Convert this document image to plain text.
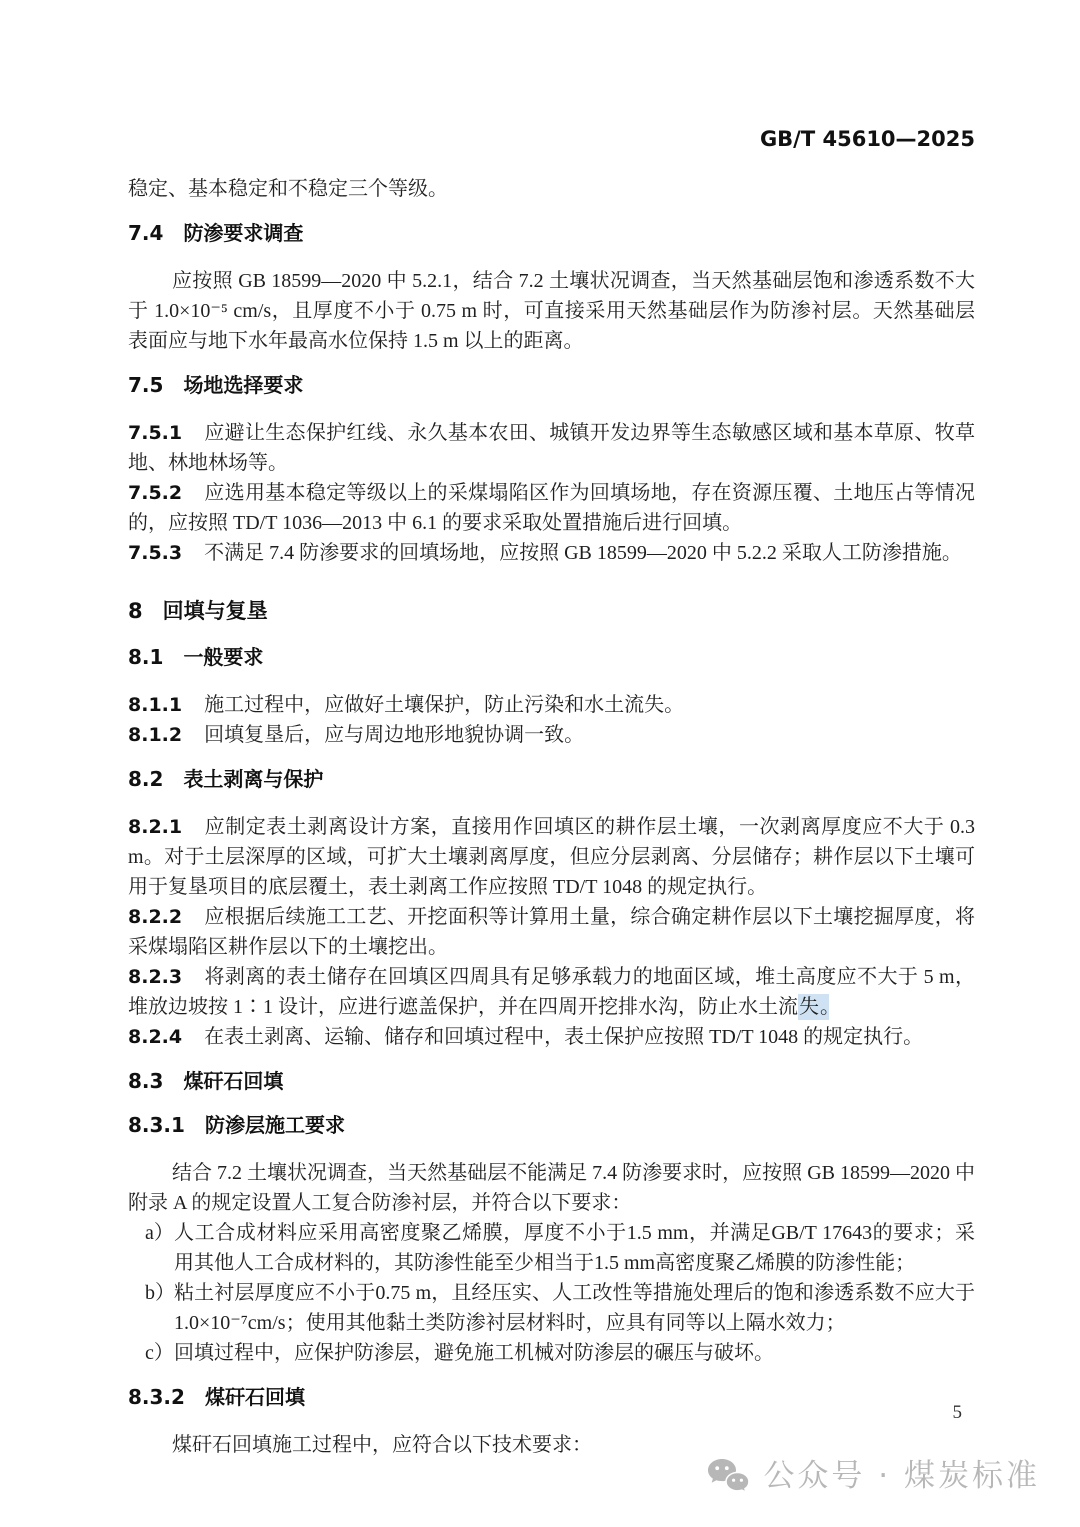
GB/T 45610—2025

稳定、基本稳定和不稳定三个等级。

7.4 防渗要求调查

应按照 GB 18599—2020 中 5.2.1，结合 7.2 土壤状况调查，当天然基础层饱和渗透系数不大于 1.0×10⁻⁵ cm/s，且厚度不小于 0.75 m 时，可直接采用天然基础层作为防渗衬层。天然基础层表面应与地下水年最高水位保持 1.5 m 以上的距离。

7.5 场地选择要求

7.5.1 应避让生态保护红线、永久基本农田、城镇开发边界等生态敏感区域和基本草原、牧草地、林地林场等。

7.5.2 应选用基本稳定等级以上的采煤塌陷区作为回填场地，存在资源压覆、土地压占等情况的，应按照 TD/T 1036—2013 中 6.1 的要求采取处置措施后进行回填。

7.5.3 不满足 7.4 防渗要求的回填场地，应按照 GB 18599—2020 中 5.2.2 采取人工防渗措施。

8 回填与复垦
8.1 一般要求

8.1.1 施工过程中，应做好土壤保护，防止污染和水土流失。

8.1.2 回填复垦后，应与周边地形地貌协调一致。

8.2 表土剥离与保护

8.2.1 应制定表土剥离设计方案，直接用作回填区的耕作层土壤，一次剥离厚度应不大于 0.3 m。对于土层深厚的区域，可扩大土壤剥离厚度，但应分层剥离、分层储存；耕作层以下土壤可用于复垦项目的底层覆土，表土剥离工作应按照 TD/T 1048 的规定执行。

8.2.2 应根据后续施工工艺、开挖面积等计算用土量，综合确定耕作层以下土壤挖掘厚度，将采煤塌陷区耕作层以下的土壤挖出。

8.2.3 将剥离的表土储存在回填区四周具有足够承载力的地面区域，堆土高度应不大于 5 m，堆放边坡按 1∶1 设计，应进行遮盖保护，并在四周开挖排水沟，防止水土流失。

8.2.4 在表土剥离、运输、储存和回填过程中，表土保护应按照 TD/T 1048 的规定执行。

8.3 煤矸石回填
8.3.1 防渗层施工要求

结合 7.2 土壤状况调查，当天然基础层不能满足 7.4 防渗要求时，应按照 GB 18599—2020 中附录 A 的规定设置人工复合防渗衬层，并符合以下要求：

a） 人工合成材料应采用高密度聚乙烯膜，厚度不小于1.5 mm，并满足GB/T 17643的要求；采用其他人工合成材料的，其防渗性能至少相当于1.5 mm高密度聚乙烯膜的防渗性能；
b） 粘土衬层厚度应不小于0.75 m，且经压实、人工改性等措施处理后的饱和渗透系数不应大于 1.0×10⁻⁷cm/s；使用其他黏土类防渗衬层材料时，应具有同等以上隔水效力；
c） 回填过程中，应保护防渗层，避免施工机械对防渗层的碾压与破坏。
8.3.2 煤矸石回填

煤矸石回填施工过程中，应符合以下技术要求：

5
公众号 · 煤炭标准
